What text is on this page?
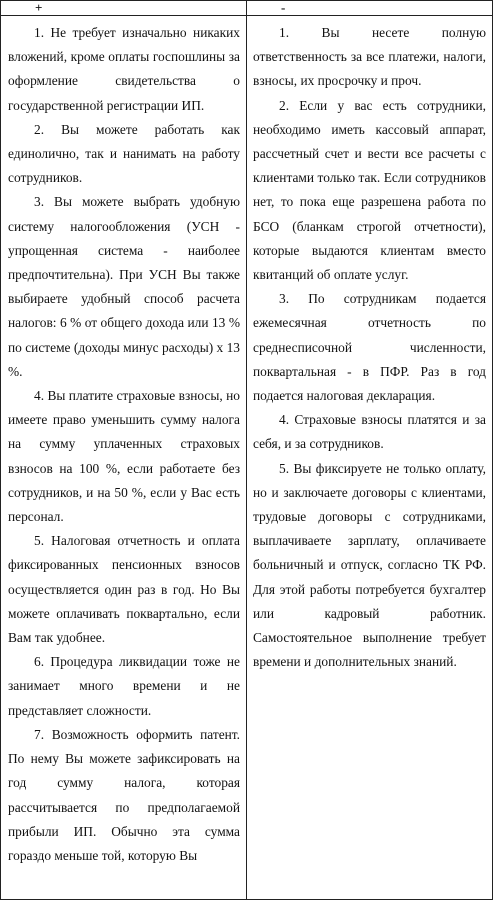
+	-

1. Не требует изначально никаких вложений, кроме оплаты госпошлины за оформление свидетельства о государственной регистрации ИП.

2. Вы можете работать как единолично, так и нанимать на работу сотрудников.

3. Вы можете выбрать удобную систему налогообложения (УСН - упрощенная система - наиболее предпочтительна). При УСН Вы также выбираете удобный способ расчета налогов: 6 % от общего дохода или 13 % по системе (доходы минус расходы) x 13 %.

4. Вы платите страховые взносы, но имеете право уменьшить сумму налога на сумму уплаченных страховых взносов на 100 %, если работаете без сотрудников, и на 50 %, если у Вас есть персонал.

5. Налоговая отчетность и оплата фиксированных пенсионных взносов осуществляется один раз в год. Но Вы можете оплачивать поквартально, если Вам так удобнее.

6. Процедура ликвидации тоже не занимает много времени и не представляет сложности.

7. Возможность оформить патент. По нему Вы можете зафиксировать на год сумму налога, которая рассчитывается по предполагаемой прибыли ИП. Обычно эта сумма гораздо меньше той, которую Вы

1. Вы несете полную ответственность за все платежи, налоги, взносы, их просрочку и проч.

2. Если у вас есть сотрудники, необходимо иметь кассовый аппарат, рассчетный счет и вести все расчеты с клиентами только так. Если сотрудников нет, то пока еще разрешена работа по БСО (бланкам строгой отчетности), которые выдаются клиентам вместо квитанций об оплате услуг.

3. По сотрудникам подается ежемесячная отчетность по среднесписочной численности, поквартальная - в ПФР. Раз в год подается налоговая декларация.

4. Страховые взносы платятся и за себя, и за сотрудников.

5. Вы фиксируете не только оплату, но и заключаете договоры с клиентами, трудовые договоры с сотрудниками, выплачиваете зарплату, оплачиваете больничный и отпуск, согласно ТК РФ. Для этой работы потребуется бухгалтер или кадровый работник. Самостоятельное выполнение требует времени и дополнительных знаний.
